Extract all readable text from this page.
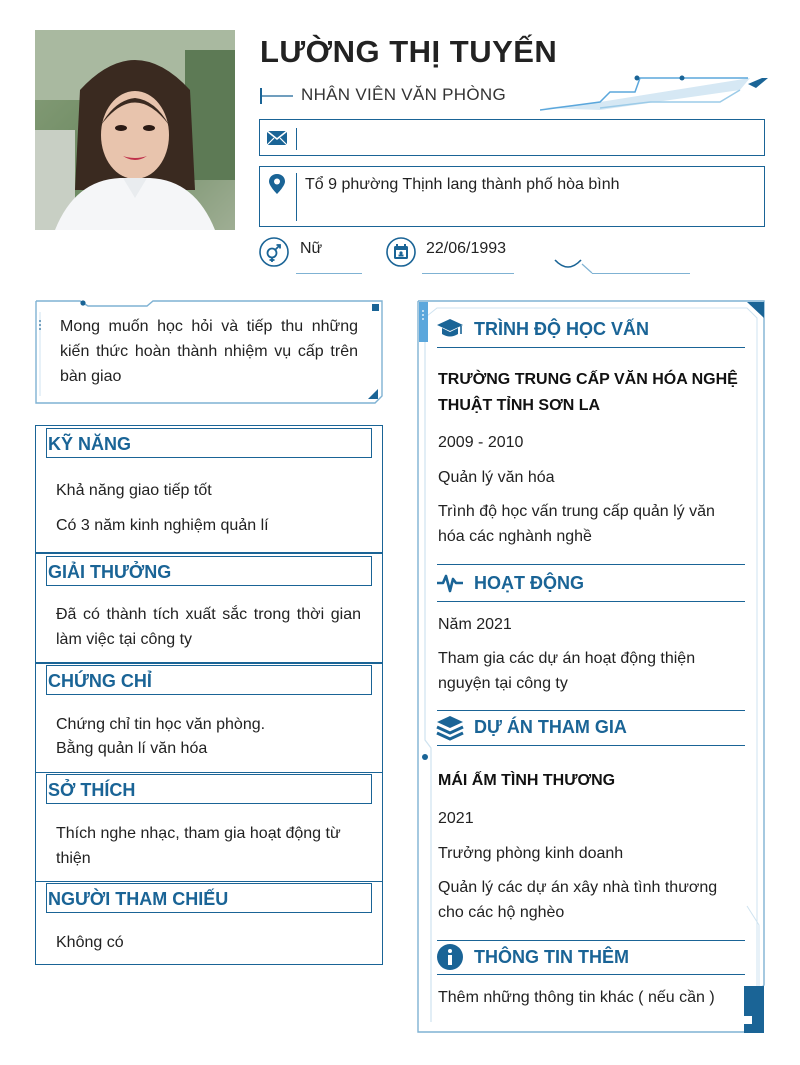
LƯỜNG THỊ TUYẾN
NHÂN VIÊN VĂN PHÒNG
Tổ 9 phường Thịnh lang thành phố hòa bình
Nữ	22/06/1993
Mong muốn học hỏi và tiếp thu những kiến thức hoàn thành nhiệm vụ cấp trên bàn giao
KỸ NĂNG
Khả năng giao tiếp tốt
Có 3 năm kinh nghiệm quản lí
GIẢI THƯỞNG
Đã có thành tích xuất sắc trong thời gian làm việc tại công ty
CHỨNG CHỈ
Chứng chỉ tin học văn phòng.
Bằng quản lí văn hóa
SỞ THÍCH
Thích nghe nhạc, tham gia hoạt động từ thiện
NGƯỜI THAM CHIẾU
Không có
TRÌNH ĐỘ HỌC VẤN
TRƯỜNG TRUNG CẤP VĂN HÓA NGHỆ THUẬT TỈNH SƠN LA
2009 - 2010
Quản lý văn hóa
Trình độ học vấn trung cấp quản lý văn hóa các nghành nghề
HOẠT ĐỘNG
Năm 2021
Tham gia các dự án hoạt động thiện nguyện tại công ty
DỰ ÁN THAM GIA
MÁI ẤM TÌNH THƯƠNG
2021
Trưởng phòng kinh doanh
Quản lý các dự án xây nhà tình thương cho các hộ nghèo
THÔNG TIN THÊM
Thêm những thông tin khác ( nếu cần )
